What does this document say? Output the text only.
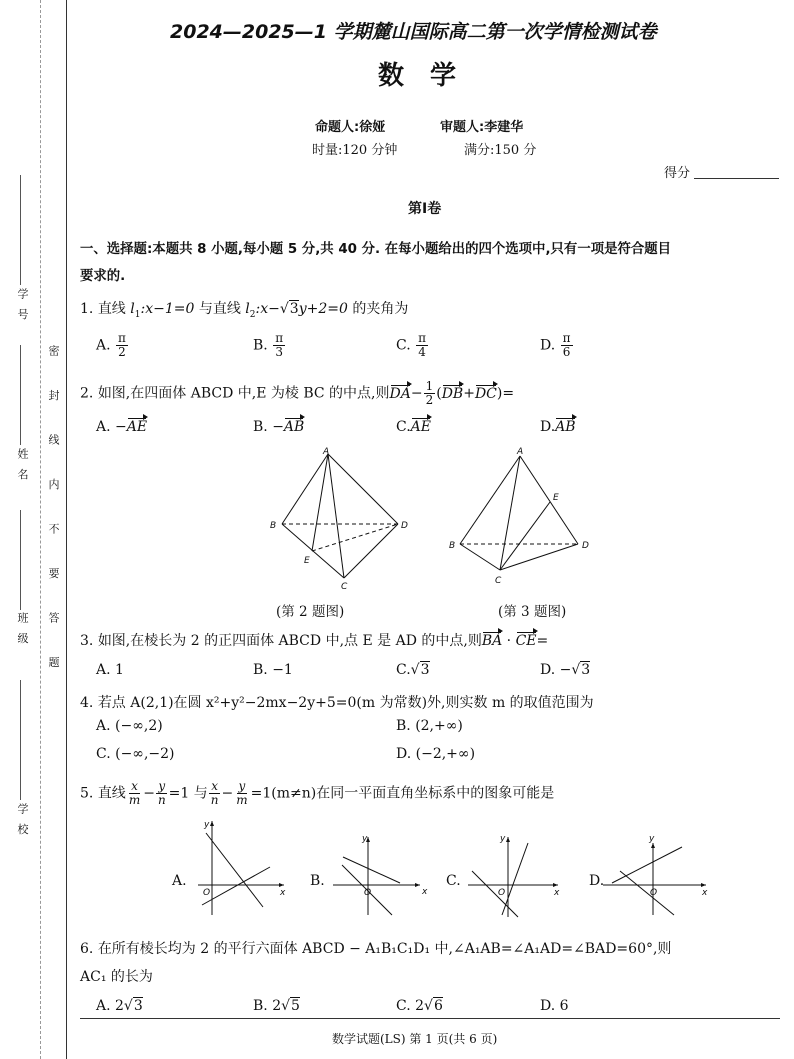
学 号
姓 名
班 级
学 校
密 封 线 内 不 要 答 题
2024—2025—1 学期麓山国际高二第一次学情检测试卷
数　学
命题人:徐娅	审题人:李建华
时量:120 分钟	满分:150 分
得分
第Ⅰ卷
一、选择题:本题共 8 小题,每小题 5 分,共 40 分. 在每小题给出的四个选项中,只有一项是符合题目
要求的.
1. 直线 $l_1:x-1=0$ 与直线 $l_2:x-√3y+2=0$ 的夹角为
A. $\frac{\pi}{2}$	B. $\frac{\pi}{3}$	C. $\frac{\pi}{4}$	D. $\frac{\pi}{6}$
2. 如图,在四面体 ABCD 中,E 为棱 BC 的中点,则$DA- \frac{1}{2} (DB+DC)=$
A. −AE	B. −AB	C.AE	D.AB
A
B
C
D
E
(第 2 题图)
A
B
C
D
E
(第 3 题图)
3. 如图,在棱长为 2 的正四面体 ABCD 中,点 E 是 AD 的中点,则BA · CE=
A. 1	B. −1	C.√3	D. −√3
4. 若点 A(2,1)在圆 x²+y²−2mx−2y+5=0(m 为常数)外,则实数 m 的取值范围为
A. (−∞,2)	B. (2,+∞)
C. (−∞,−2)	D. (−2,+∞)
5. 直线 $\frac{x}{m} - \frac{y}{n} =1$ 与 $\frac{x}{n} - \frac{y}{m} =1(m\ne n)$在同一平面直角坐标系中的图象可能是
y
O	x
y
O	x
y
O	x
y
O	x
A.	B.	C.	D.
6. 在所有棱长均为 2 的平行六面体 ABCD − A₁B₁C₁D₁ 中,∠A₁AB=∠A₁AD=∠BAD=60°,则
AC₁ 的长为
A. 2√3	B. 2√5	C. 2√6	D. 6
数学试题(LS) 第 1 页(共 6 页)
